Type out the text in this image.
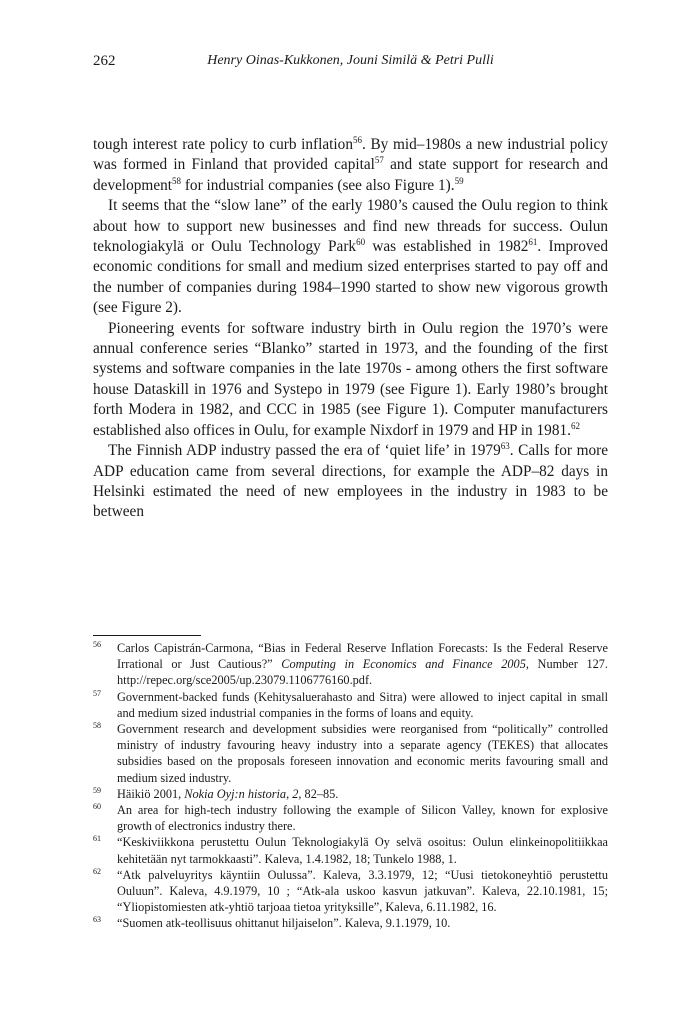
262	Henry Oinas-Kukkonen, Jouni Similä & Petri Pulli

tough interest rate policy to curb inflation$^{56}$. By mid–1980s a new industrial policy was formed in Finland that provided capital$^{57}$ and state support for research and development$^{58}$ for industrial companies (see also Figure 1).$^{59}$

It seems that the “slow lane” of the early 1980’s caused the Oulu region to think about how to support new businesses and find new threads for success. Oulun teknologiakylä or Oulu Technology Park$^{60}$ was established in 1982$^{61}$. Improved economic conditions for small and medium sized enterprises started to pay off and the number of companies during 1984–1990 started to show new vigorous growth (see Figure 2).

Pioneering events for software industry birth in Oulu region the 1970’s were annual conference series “Blanko” started in 1973, and the founding of the first systems and software companies in the late 1970s - among others the first software house Dataskill in 1976 and Systepo in 1979 (see Figure 1). Early 1980’s brought forth Modera in 1982, and CCC in 1985 (see Figure 1). Computer manufacturers established also offices in Oulu, for example Nixdorf in 1979 and HP in 1981.62

The Finnish ADP industry passed the era of ‘quiet life’ in 1979$^{63}$. Calls for more ADP education came from several directions, for example the ADP–82 days in Helsinki estimated the need of new employees in the industry in 1983 to be between

56 Carlos Capistrán-Carmona, “Bias in Federal Reserve Inflation Forecasts: Is the Federal Reserve Irrational or Just Cautious?” Computing in Economics and Finance 2005, Number 127. http://repec.org/sce2005/up.23079.1106776160.pdf.
57 Government-backed funds (Kehitysaluerahasto and Sitra) were allowed to inject capital in small and medium sized industrial companies in the forms of loans and equity.
58 Government research and development subsidies were reorganised from “politically” controlled ministry of industry favouring heavy industry into a separate agency (TEKES) that allocates subsidies based on the proposals foreseen innovation and economic merits favouring small and medium sized industry.
59 Häikiö 2001, Nokia Oyj:n historia, 2, 82–85.
60 An area for high-tech industry following the example of Silicon Valley, known for explosive growth of electronics industry there.
61 “Keskiviikkona perustettu Oulun Teknologiakylä Oy selvä osoitus: Oulun elinkeinopolitiikkaa kehitetään nyt tarmokkaasti”. Kaleva, 1.4.1982, 18; Tunkelo 1988, 1.
62 “Atk palveluyritys käyntiin Oulussa”. Kaleva, 3.3.1979, 12; “Uusi tietokoneyhtiö perustettu Ouluun”. Kaleva, 4.9.1979, 10 ; “Atk-ala uskoo kasvun jatkuvan”. Kaleva, 22.10.1981, 15; “Yliopistomiesten atk-yhtiö tarjoaa tietoa yrityksille”, Kaleva, 6.11.1982, 16.
63 “Suomen atk-teollisuus ohittanut hiljaiselon”. Kaleva, 9.1.1979, 10.
